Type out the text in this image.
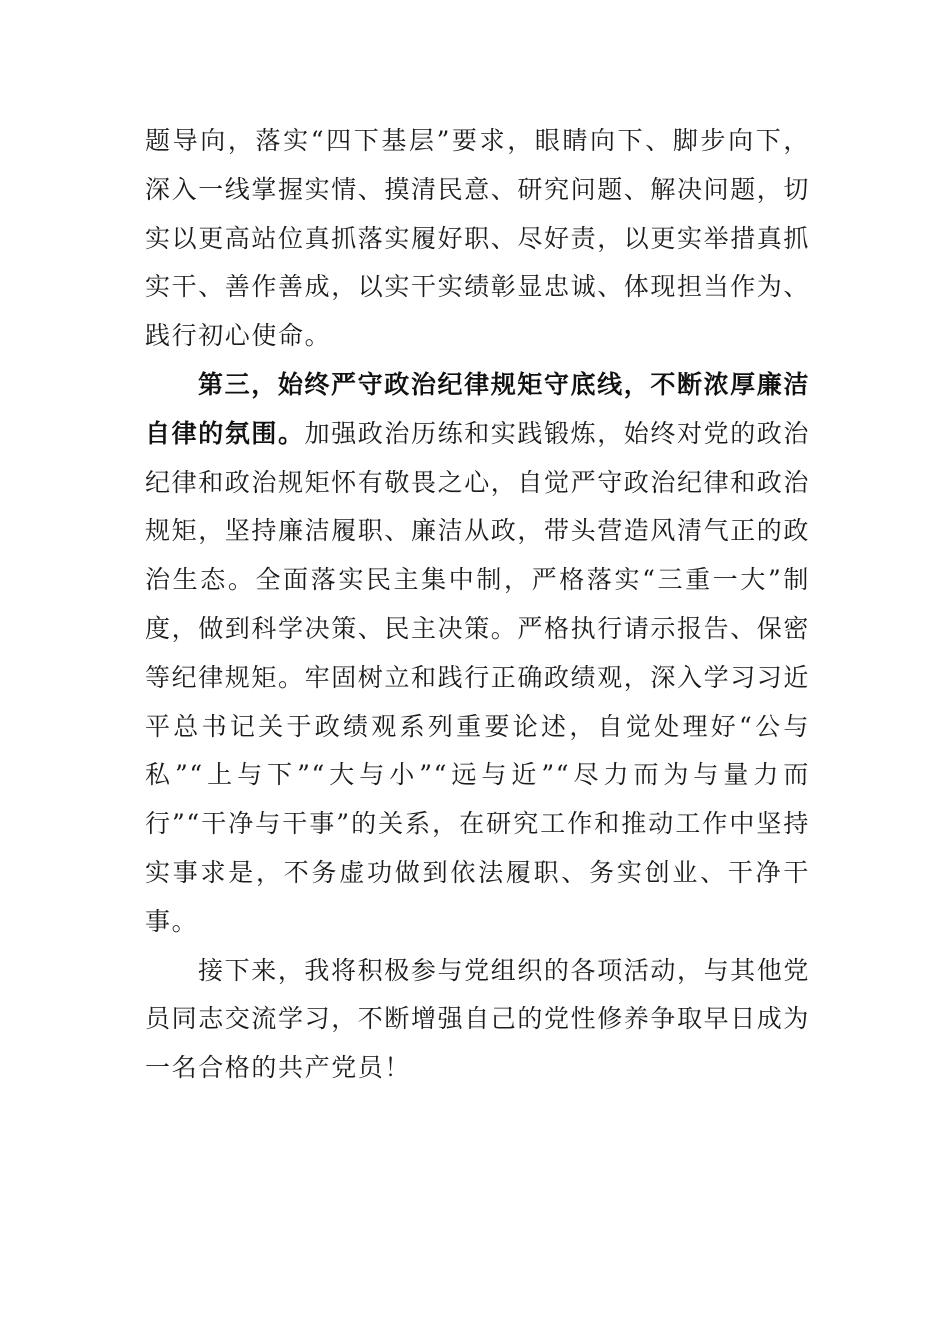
题导向，落实“四下基层”要求，眼睛向下、脚步向下，深入一线掌握实情、摸清民意、研究问题、解决问题，切实以更高站位真抓落实履好职、尽好责，以更实举措真抓实干、善作善成，以实干实绩彰显忠诚、体现担当作为、践行初心使命。

第三，始终严守政治纪律规矩守底线，不断浓厚廉洁自律的氛围。加强政治历练和实践锻炼，始终对党的政治纪律和政治规矩怀有敬畏之心，自觉严守政治纪律和政治规矩，坚持廉洁履职、廉洁从政，带头营造风清气正的政治生态。全面落实民主集中制，严格落实“三重一大”制度，做到科学决策、民主决策。严格执行请示报告、保密等纪律规矩。牢固树立和践行正确政绩观，深入学习习近平总书记关于政绩观系列重要论述，自觉处理好“公与私”“上与下”“大与小”“远与近”“尽力而为与量力而行”“干净与干事”的关系，在研究工作和推动工作中坚持实事求是，不务虚功做到依法履职、务实创业、干净干事。

接下来，我将积极参与党组织的各项活动，与其他党员同志交流学习，不断增强自己的党性修养争取早日成为一名合格的共产党员！
